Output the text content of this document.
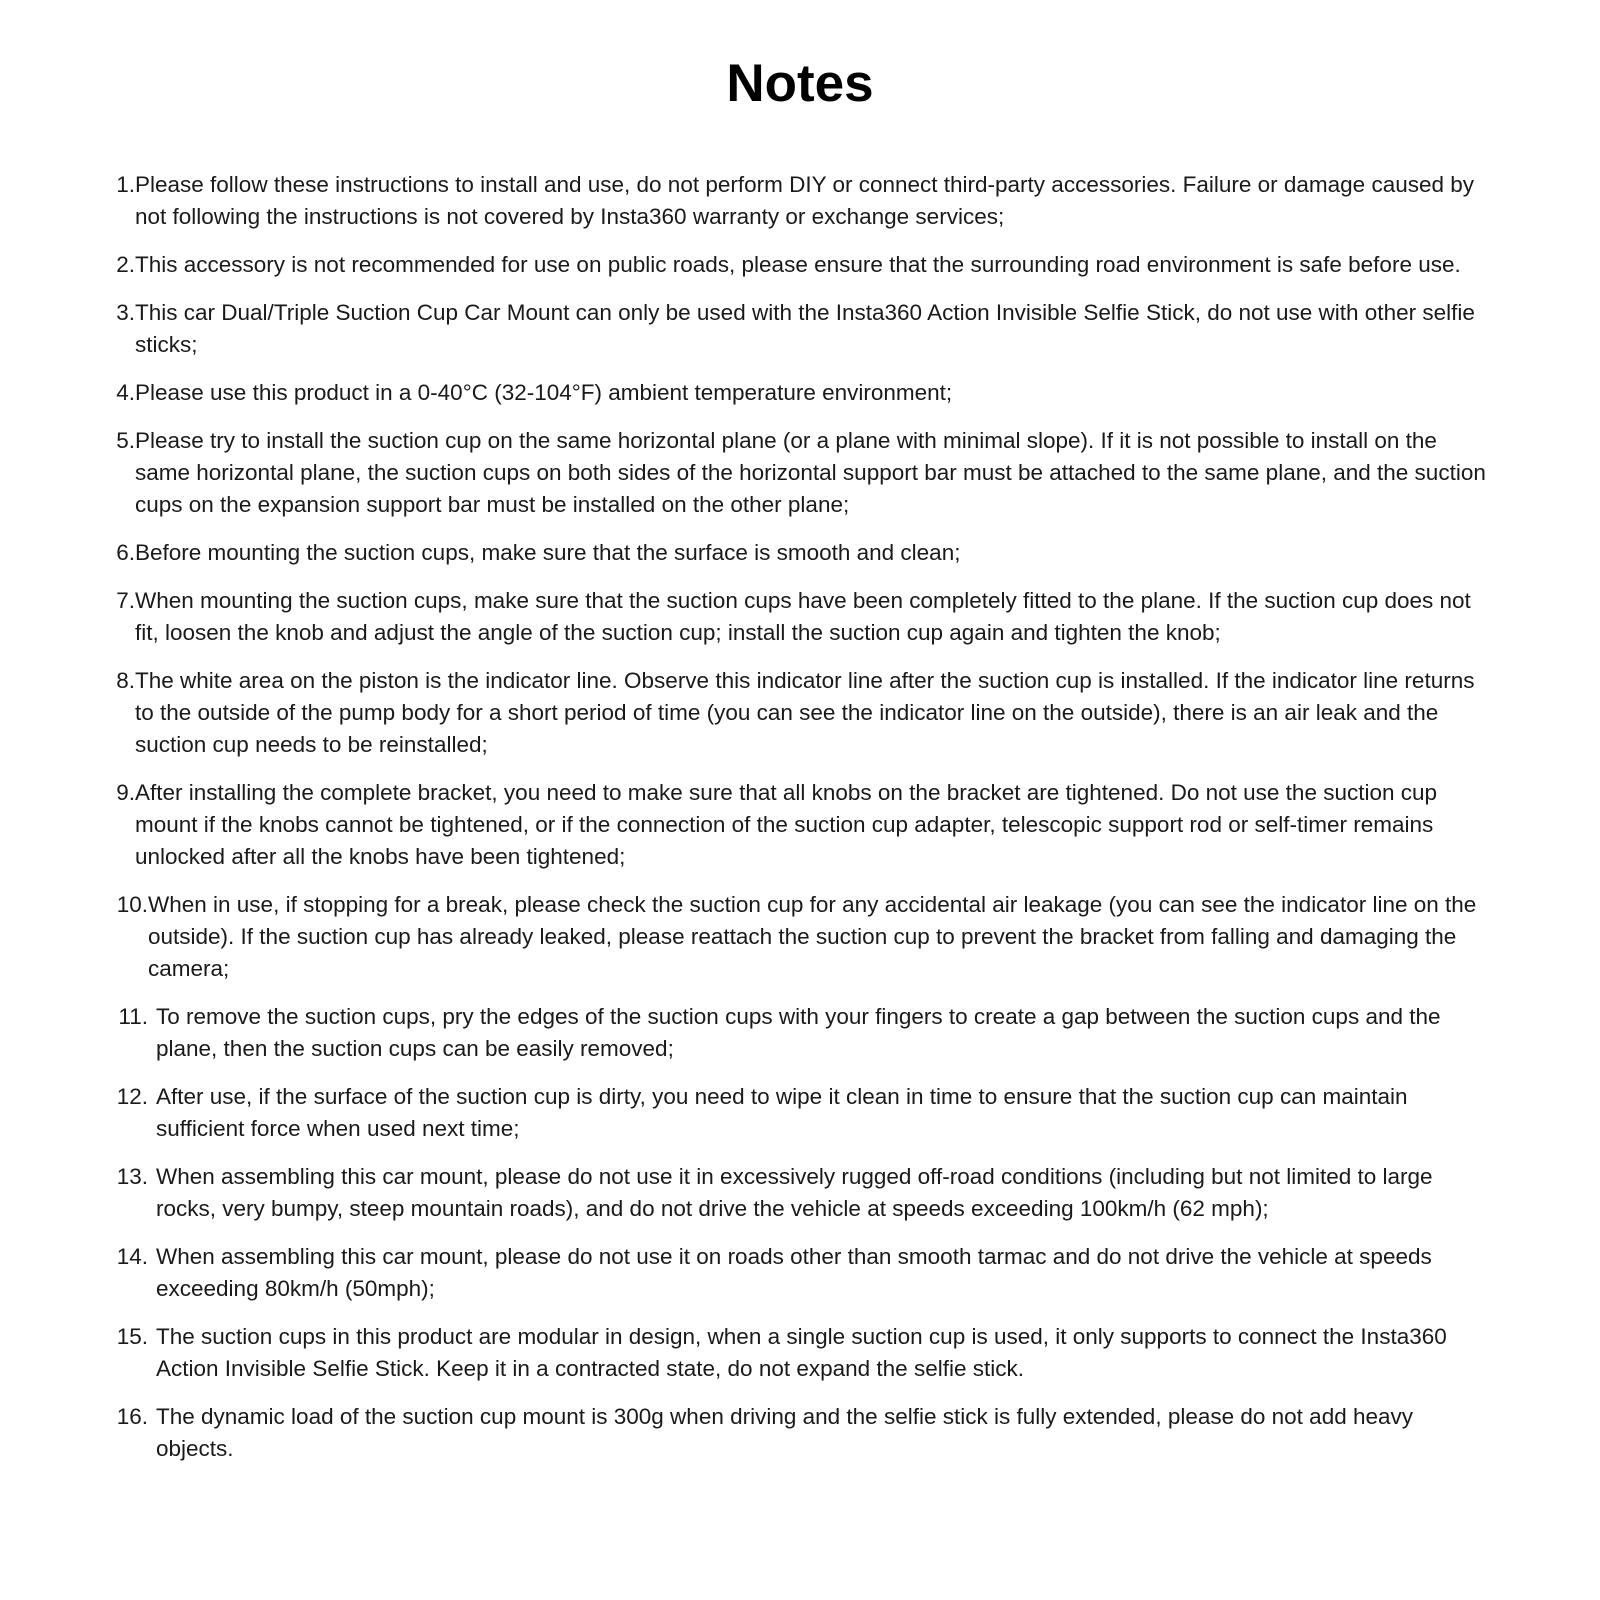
Notes
1. Please follow these instructions to install and use, do not perform DIY or connect third-party accessories. Failure or damage caused by not following the instructions is not covered by Insta360 warranty or exchange services;
2. This accessory is not recommended for use on public roads, please ensure that the surrounding road environment is safe before use.
3. This car Dual/Triple Suction Cup Car Mount can only be used with the Insta360 Action Invisible Selfie Stick, do not use with other selfie sticks;
4. Please use this product in a 0-40°C (32-104°F) ambient temperature environment;
5. Please try to install the suction cup on the same horizontal plane (or a plane with minimal slope). If it is not possible to install on the same horizontal plane, the suction cups on both sides of the horizontal support bar must be attached to the same plane, and the suction cups on the expansion support bar must be installed on the other plane;
6. Before mounting the suction cups, make sure that the surface is smooth and clean;
7. When mounting the suction cups, make sure that the suction cups have been completely fitted to the plane. If the suction cup does not fit, loosen the knob and adjust the angle of the suction cup; install the suction cup again and tighten the knob;
8. The white area on the piston is the indicator line. Observe this indicator line after the suction cup is installed. If the indicator line returns to the outside of the pump body for a short period of time (you can see the indicator line on the outside), there is an air leak and the suction cup needs to be reinstalled;
9. After installing the complete bracket, you need to make sure that all knobs on the bracket are tightened. Do not use the suction cup mount if the knobs cannot be tightened, or if the connection of the suction cup adapter, telescopic support rod or self-timer remains unlocked after all the knobs have been tightened;
10. When in use, if stopping for a break, please check the suction cup for any accidental air leakage (you can see the indicator line on the outside). If the suction cup has already leaked, please reattach the suction cup to prevent the bracket from falling and damaging the camera;
11. To remove the suction cups, pry the edges of the suction cups with your fingers to create a gap between the suction cups and the plane, then the suction cups can be easily removed;
12. After use, if the surface of the suction cup is dirty, you need to wipe it clean in time to ensure that the suction cup can maintain sufficient force when used next time;
13. When assembling this car mount, please do not use it in excessively rugged off-road conditions (including but not limited to large rocks, very bumpy, steep mountain roads), and do not drive the vehicle at speeds exceeding 100km/h (62 mph);
14. When assembling this car mount, please do not use it on roads other than smooth tarmac and do not drive the vehicle at speeds exceeding 80km/h (50mph);
15. The suction cups in this product are modular in design, when a single suction cup is used, it only supports to connect the Insta360 Action Invisible Selfie Stick. Keep it in a contracted state, do not expand the selfie stick.
16. The dynamic load of the suction cup mount is 300g when driving and the selfie stick is fully extended, please do not add heavy objects.
